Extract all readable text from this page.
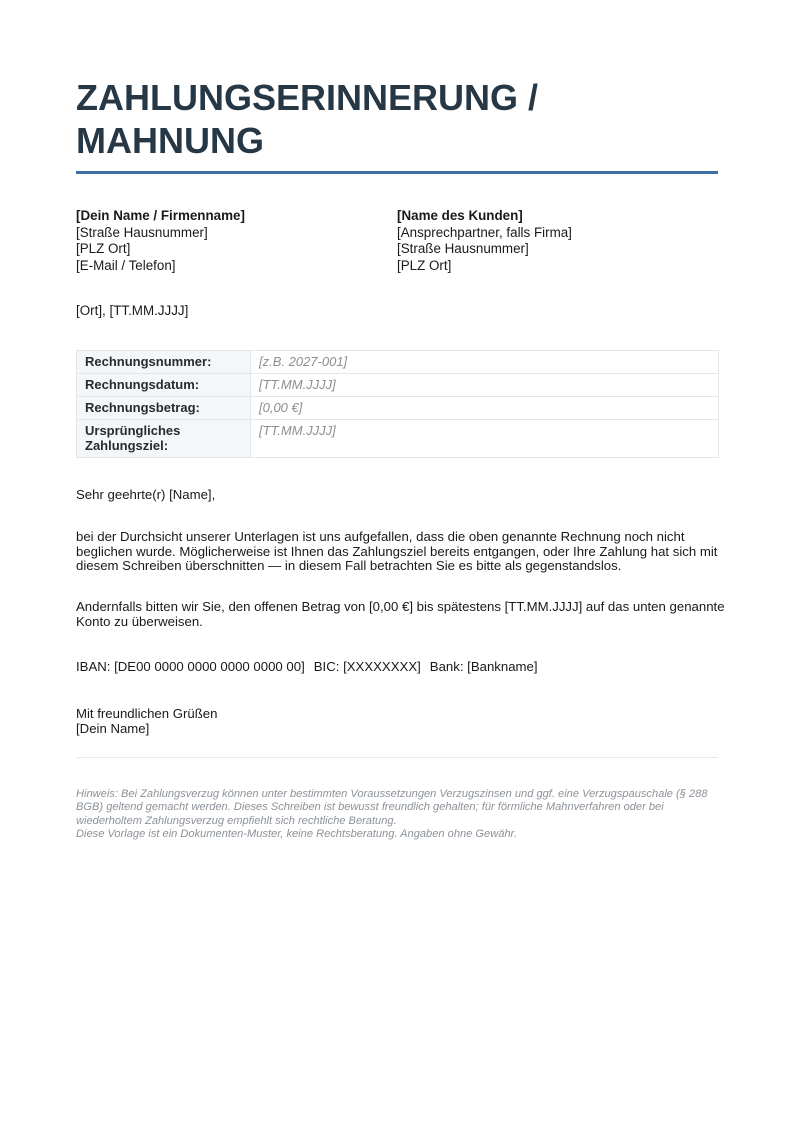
ZAHLUNGSERINNERUNG / MAHNUNG
[Dein Name / Firmenname]
[Straße Hausnummer]
[PLZ Ort]
[E-Mail / Telefon]
[Name des Kunden]
[Ansprechpartner, falls Firma]
[Straße Hausnummer]
[PLZ Ort]
[Ort], [TT.MM.JJJJ]
Rechnungsnummer:	[z.B. 2027-001]
Rechnungsdatum:	[TT.MM.JJJJ]
Rechnungsbetrag:	[0,00 €]
Ursprüngliches Zahlungsziel:	[TT.MM.JJJJ]

Sehr geehrte(r) [Name],

bei der Durchsicht unserer Unterlagen ist uns aufgefallen, dass die oben genannte Rechnung noch nicht beglichen wurde. Möglicherweise ist Ihnen das Zahlungsziel bereits entgangen, oder Ihre Zahlung hat sich mit diesem Schreiben überschnitten — in diesem Fall betrachten Sie es bitte als gegenstandslos.

Andernfalls bitten wir Sie, den offenen Betrag von [0,00 €] bis spätestens [TT.MM.JJJJ] auf das unten genannte Konto zu überweisen.

IBAN: [DE00 0000 0000 0000 0000 00] BIC: [XXXXXXXX] Bank: [Bankname]

Mit freundlichen Grüßen
[Dein Name]

Hinweis: Bei Zahlungsverzug können unter bestimmten Voraussetzungen Verzugszinsen und ggf. eine Verzugspauschale (§ 288 BGB) geltend gemacht werden. Dieses Schreiben ist bewusst freundlich gehalten; für förmliche Mahnverfahren oder bei wiederholtem Zahlungsverzug empfiehlt sich rechtliche Beratung.
Diese Vorlage ist ein Dokumenten-Muster, keine Rechtsberatung. Angaben ohne Gewähr.
